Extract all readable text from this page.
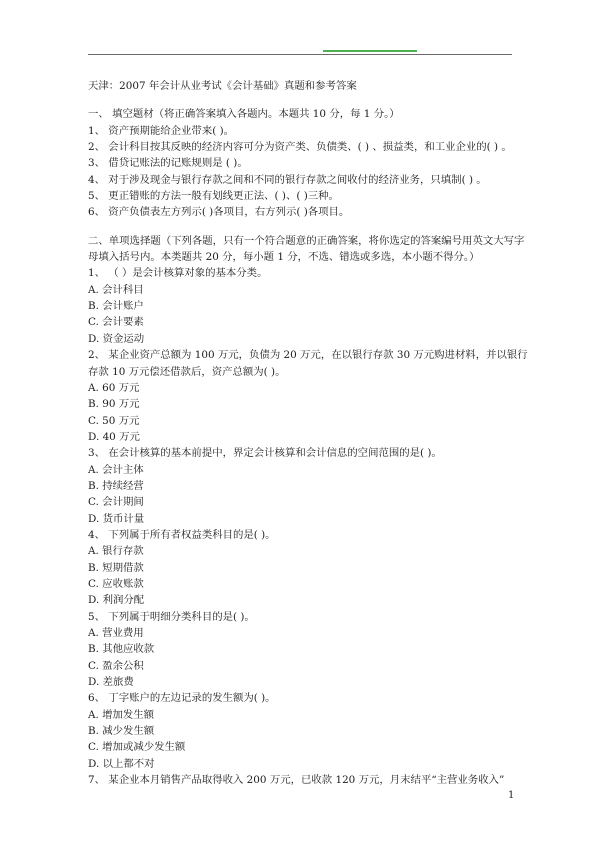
天津：2007 年会计从业考试《会计基础》真题和参考答案
一、 填空题材（将正确答案填入各题内。本题共 10 分，每 1 分。）
1、 资产预期能给企业带来( )。
2、 会计科目按其反映的经济内容可分为资产类、负债类、( ) 、损益类，和工业企业的( ) 。
3、 借贷记账法的记账规则是 ( )。
4、 对于涉及现金与银行存款之间和不同的银行存款之间收付的经济业务，只填制( ) 。
5、 更正错账的方法一般有划线更正法、( )、( )三种。
6、 资产负债表左方列示( )各项目，右方列示( )各项目。
二、单项选择题（下列各题，只有一个符合题意的正确答案，将你选定的答案编号用英文大写字母填入括号内。本类题共 20 分，每小题 1 分，不选、错选或多选，本小题不得分。）
1、 （ ）是会计核算对象的基本分类。
A. 会计科目
B. 会计账户
C. 会计要素
D. 资金运动
2、 某企业资产总额为 100 万元，负债为 20 万元，在以银行存款 30 万元购进材料，并以银行存款 10 万元偿还借款后，资产总额为( )。
A. 60 万元
B. 90 万元
C. 50 万元
D. 40 万元
3、 在会计核算的基本前提中，界定会计核算和会计信息的空间范围的是( )。
A. 会计主体
B. 持续经营
C. 会计期间
D. 货币计量
4、 下列属于所有者权益类科目的是( )。
A. 银行存款
B. 短期借款
C. 应收账款
D. 利润分配
5、 下列属于明细分类科目的是( )。
A. 营业费用
B. 其他应收款
C. 盈余公积
D. 差旅费
6、 丁字账户的左边记录的发生额为( )。
A. 增加发生额
B. 减少发生额
C. 增加或减少发生额
D. 以上都不对
7、 某企业本月销售产品取得收入 200 万元，已收款 120 万元，月末结平“主营业务收入”
1
